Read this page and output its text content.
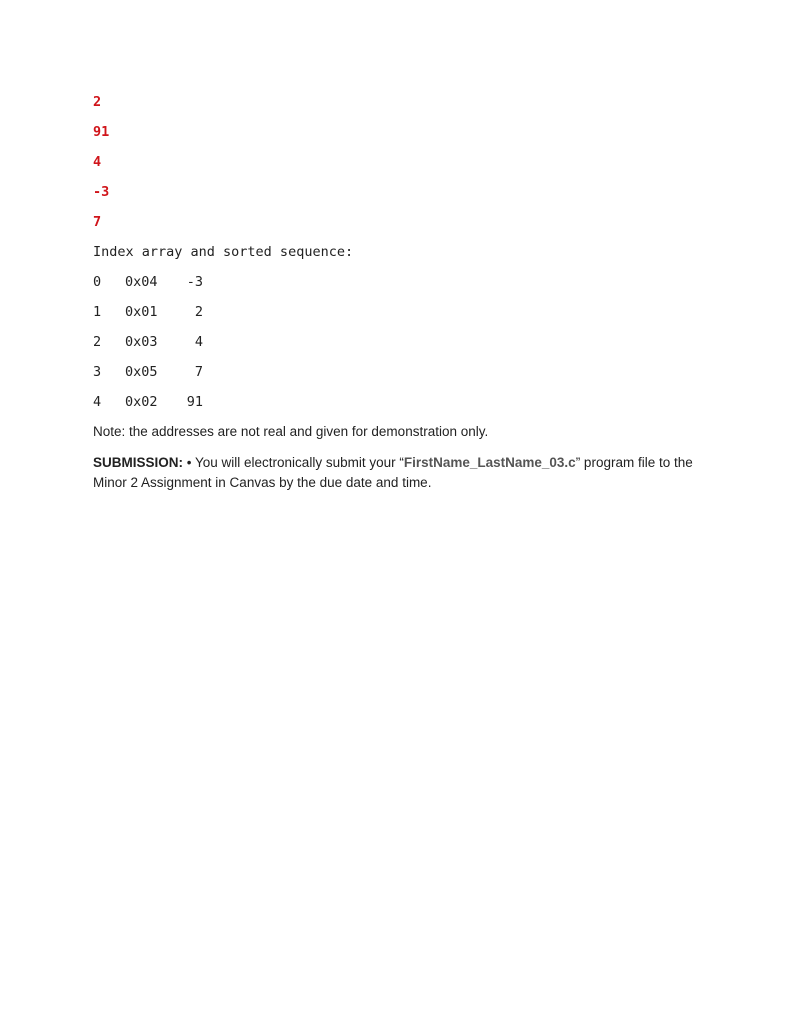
2
91
4
-3
7
Index array and sorted sequence:
0 0x04 -3
1 0x01	2
2 0x03	4
3 0x05	7
4 0x02 91
Note: the addresses are not real and given for demonstration only.
SUBMISSION: • You will electronically submit your “FirstName_LastName_03.c” program file to the Minor 2 Assignment in Canvas by the due date and time.
